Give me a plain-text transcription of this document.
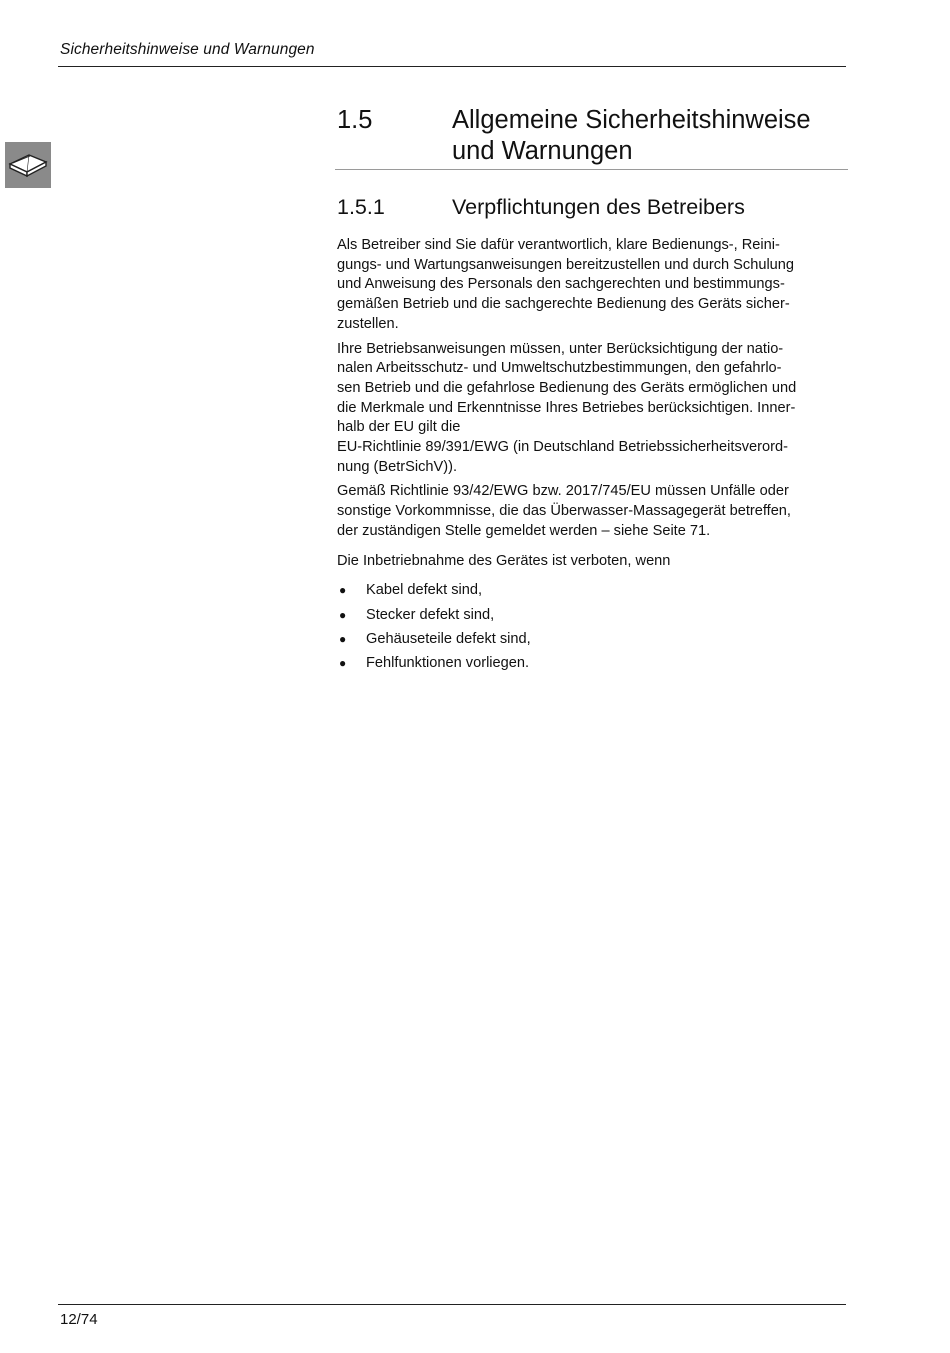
Sicherheitshinweise und Warnungen
1.5	Allgemeine Sicherheitshinweise und Warnungen
1.5.1	Verpflichtungen des Betreibers

Als Betreiber sind Sie dafür verantwortlich, klare Bedienungs-, Reini-
gungs- und Wartungsanweisungen bereitzustellen und durch Schulung
und Anweisung des Personals den sachgerechten und bestimmungs-
gemäßen Betrieb und die sachgerechte Bedienung des Geräts sicher-
zustellen.

Ihre Betriebsanweisungen müssen, unter Berücksichtigung der natio-
nalen Arbeitsschutz- und Umweltschutzbestimmungen, den gefahrlo-
sen Betrieb und die gefahrlose Bedienung des Geräts ermöglichen und
die Merkmale und Erkenntnisse Ihres Betriebes berücksichtigen. Inner-
halb der EU gilt die
EU-Richtlinie 89/391/EWG (in Deutschland Betriebssicherheitsverord-
nung (BetrSichV)).

Gemäß Richtlinie 93/42/EWG bzw. 2017/745/EU müssen Unfälle oder
sonstige Vorkommnisse, die das Überwasser-Massagegerät betreffen,
der zuständigen Stelle gemeldet werden – siehe Seite 71.

Die Inbetriebnahme des Gerätes ist verboten, wenn

● Kabel defekt sind,
● Stecker defekt sind,
● Gehäuseteile defekt sind,
● Fehlfunktionen vorliegen.
12/74
